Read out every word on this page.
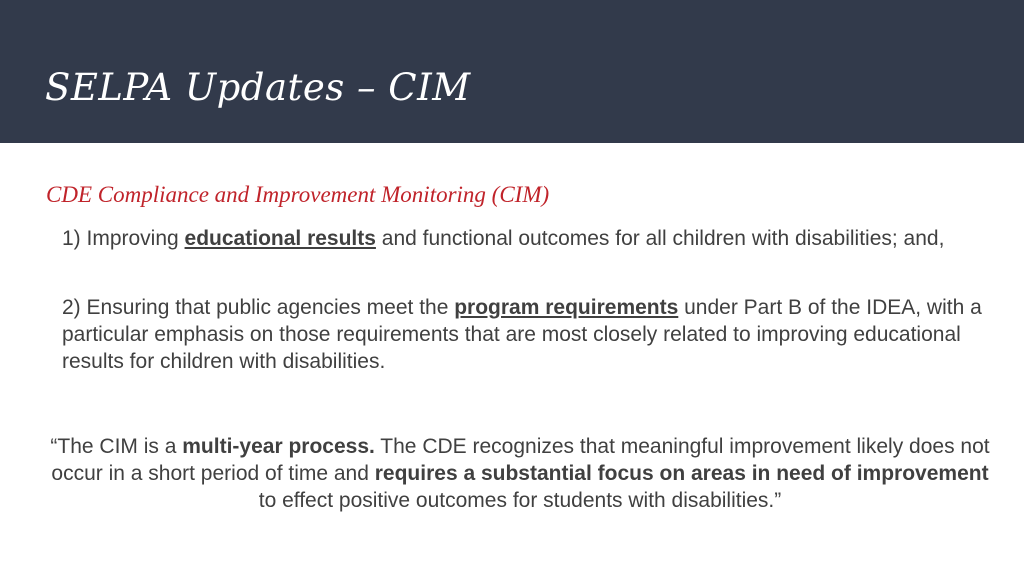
SELPA Updates – CIM

CDE Compliance and Improvement Monitoring (CIM)

1) Improving educational results and functional outcomes for all children with disabilities; and,

2) Ensuring that public agencies meet the program requirements under Part B of the IDEA, with a particular emphasis on those requirements that are most closely related to improving educational results for children with disabilities.

“The CIM is a multi-year process. The CDE recognizes that meaningful improvement likely does not occur in a short period of time and requires a substantial focus on areas in need of improvement to effect positive outcomes for students with disabilities.”
